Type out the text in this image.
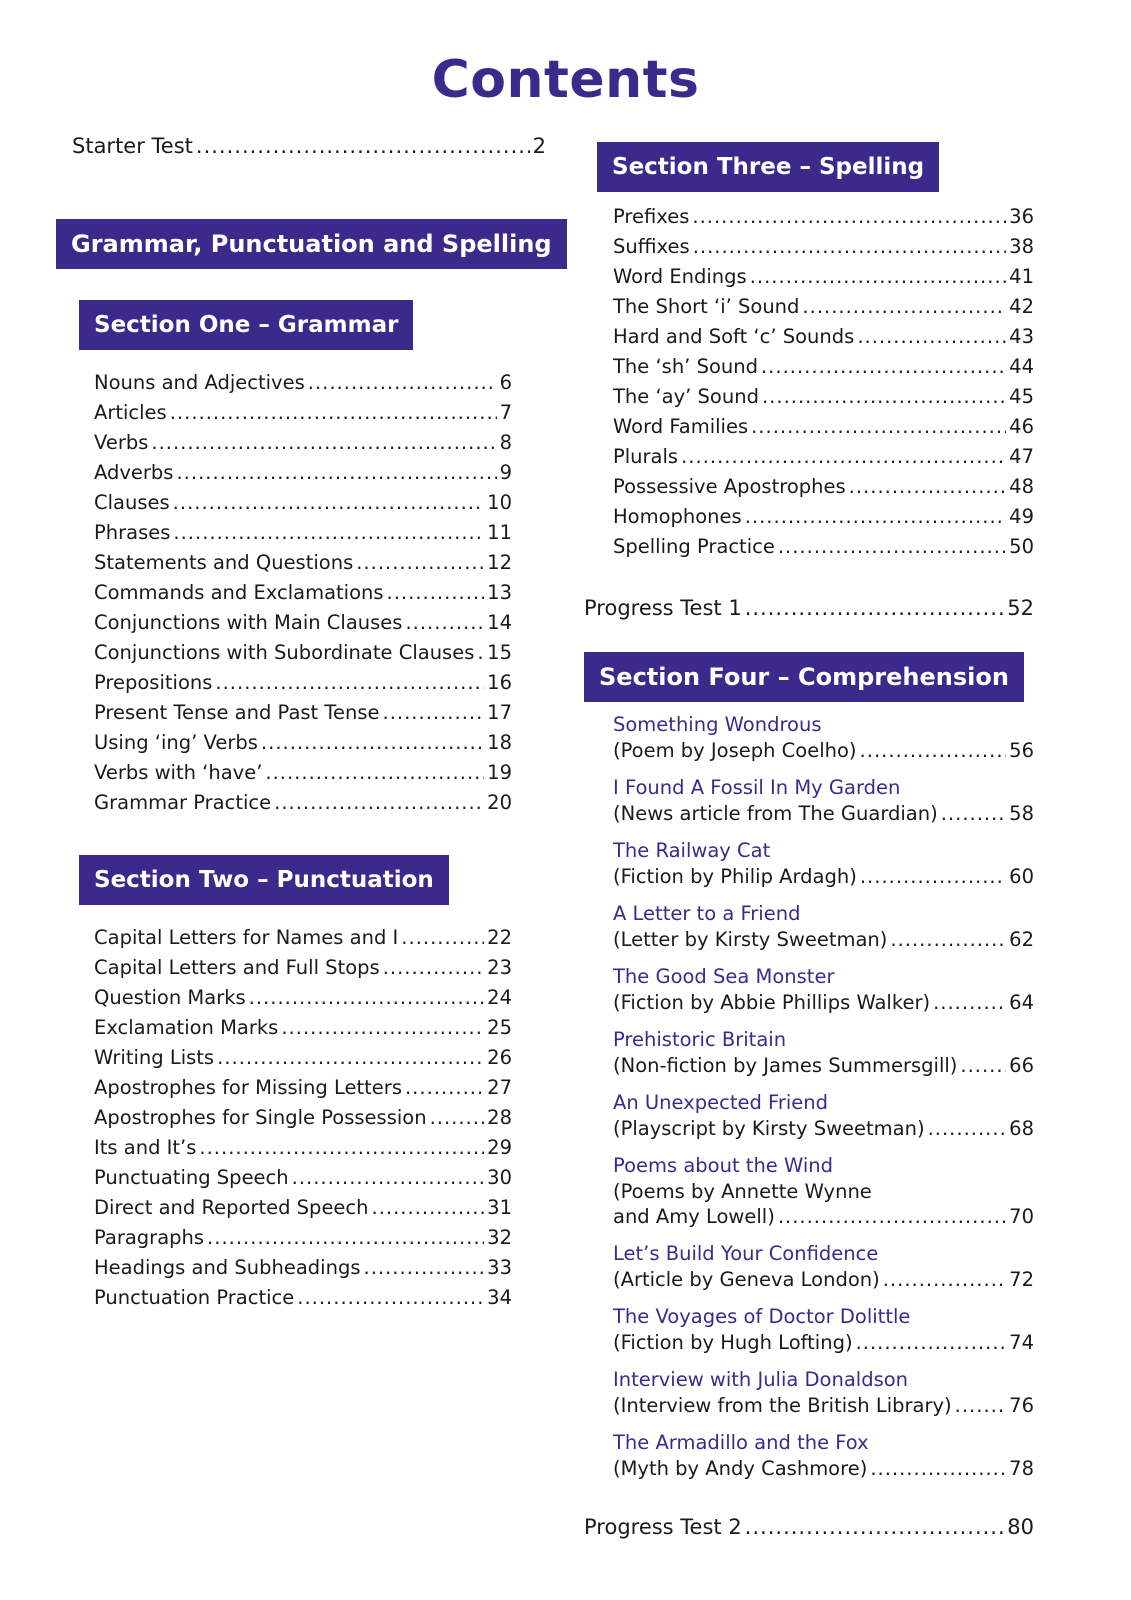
Contents
Starter Test .....	2
Grammar, Punctuation and Spelling
Section One – Grammar
Nouns and Adjectives .....	6
Articles .....	7
Verbs .....	8
Adverbs .....	9
Clauses .....	10
Phrases .....	11
Statements and Questions .....	12
Commands and Exclamations .....	13
Conjunctions with Main Clauses .....	14
Conjunctions with Subordinate Clauses ..... 15
Prepositions .....	16
Present Tense and Past Tense .....	17
Using ‘ing’ Verbs .....	18
Verbs with ‘have’ .....	19
Grammar Practice .....	20
Section Two – Punctuation
Capital Letters for Names and I .....	22
Capital Letters and Full Stops .....	23
Question Marks .....	24
Exclamation Marks .....	25
Writing Lists .....	26
Apostrophes for Missing Letters .....	27
Apostrophes for Single Possession .....	28
Its and It’s .....	29
Punctuating Speech .....	30
Direct and Reported Speech .....	31
Paragraphs .....	32
Headings and Subheadings .....	33
Punctuation Practice .....	34
Section Three – Spelling
Prefixes .....	36
Suffixes .....	38
Word Endings .....	41
The Short ‘i’ Sound .....	42
Hard and Soft ‘c’ Sounds .....	43
The ‘sh’ Sound .....	44
The ‘ay’ Sound .....	45
Word Families .....	46
Plurals .....	47
Possessive Apostrophes .....	48
Homophones .....	49
Spelling Practice .....	50
Progress Test 1 .....	52
Section Four – Comprehension
Something Wondrous
(Poem by Joseph Coelho) .....	56
I Found A Fossil In My Garden
(News article from The Guardian) .....	58
The Railway Cat
(Fiction by Philip Ardagh) .....	60
A Letter to a Friend
(Letter by Kirsty Sweetman) .....	62
The Good Sea Monster
(Fiction by Abbie Phillips Walker) .....	64
Prehistoric Britain
(Non-fiction by James Summersgill) .....	66
An Unexpected Friend
(Playscript by Kirsty Sweetman) .....	68
Poems about the Wind
(Poems by Annette Wynne
and Amy Lowell) .....	70
Let’s Build Your Confidence
(Article by Geneva London) .....	72
The Voyages of Doctor Dolittle
(Fiction by Hugh Lofting) .....	74
Interview with Julia Donaldson
(Interview from the British Library) .....	76
The Armadillo and the Fox
(Myth by Andy Cashmore) .....	78
Progress Test 2 .....	80
